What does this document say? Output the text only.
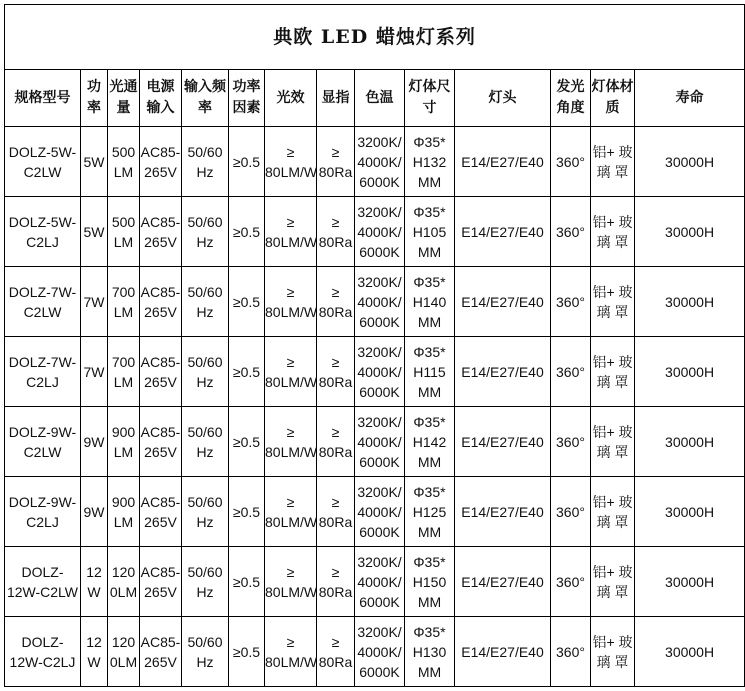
典欧 LED 蜡烛灯系列													

规格型号	功率	光通量	电源输入	输入频率	功率因素	光效	显指	色温	灯体尺寸	灯头	发光角度	灯体材质	寿命

DOLZ-5W-C2LW	5W	500 LM	AC85-265V	50/60 Hz	≥0.5	≥ 80LM/W	≥ 80Ra	3200K/ 4000K/ 6000K	Φ35* H132 MM	E14/E27/E40	360°	铝+ 玻璃 罩	30000H
DOLZ-5W-C2LJ	5W	500 LM	AC85-265V	50/60 Hz	≥0.5	≥ 80LM/W	≥ 80Ra	3200K/ 4000K/ 6000K	Φ35* H105 MM	E14/E27/E40	360°	铝+ 玻璃 罩	30000H
DOLZ-7W-C2LW	7W	700 LM	AC85-265V	50/60 Hz	≥0.5	≥ 80LM/W	≥ 80Ra	3200K/ 4000K/ 6000K	Φ35* H140 MM	E14/E27/E40	360°	铝+ 玻璃 罩	30000H
DOLZ-7W-C2LJ	7W	700 LM	AC85-265V	50/60 Hz	≥0.5	≥ 80LM/W	≥ 80Ra	3200K/ 4000K/ 6000K	Φ35* H115 MM	E14/E27/E40	360°	铝+ 玻璃 罩	30000H
DOLZ-9W-C2LW	9W	900 LM	AC85-265V	50/60 Hz	≥0.5	≥ 80LM/W	≥ 80Ra	3200K/ 4000K/ 6000K	Φ35* H142 MM	E14/E27/E40	360°	铝+ 玻璃 罩	30000H
DOLZ-9W-C2LJ	9W	900 LM	AC85-265V	50/60 Hz	≥0.5	≥ 80LM/W	≥ 80Ra	3200K/ 4000K/ 6000K	Φ35* H125 MM	E14/E27/E40	360°	铝+ 玻璃 罩	30000H
DOLZ-12W-C2LW	12 W	120 0LM	AC85-265V	50/60 Hz	≥0.5	≥ 80LM/W	≥ 80Ra	3200K/ 4000K/ 6000K	Φ35* H150 MM	E14/E27/E40	360°	铝+ 玻璃 罩	30000H
DOLZ-12W-C2LJ	12 W	120 0LM	AC85-265V	50/60 Hz	≥0.5	≥ 80LM/W	≥ 80Ra	3200K/ 4000K/ 6000K	Φ35* H130 MM	E14/E27/E40	360°	铝+ 玻璃 罩	30000H
